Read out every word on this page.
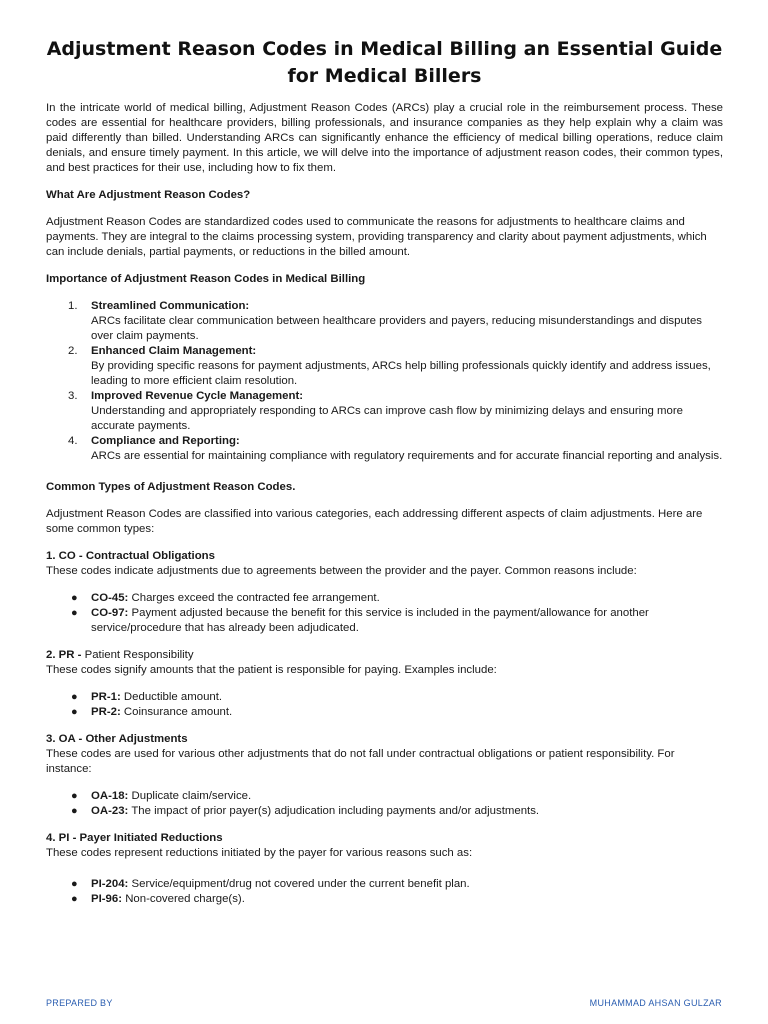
Adjustment Reason Codes in Medical Billing an Essential Guide for Medical Billers

In the intricate world of medical billing, Adjustment Reason Codes (ARCs) play a crucial role in the reimbursement process. These codes are essential for healthcare providers, billing professionals, and insurance companies as they help explain why a claim was paid differently than billed. Understanding ARCs can significantly enhance the efficiency of medical billing operations, reduce claim denials, and ensure timely payment. In this article, we will delve into the importance of adjustment reason codes, their common types, and best practices for their use, including how to fix them.

What Are Adjustment Reason Codes?

Adjustment Reason Codes are standardized codes used to communicate the reasons for adjustments to healthcare claims and payments. They are integral to the claims processing system, providing transparency and clarity about payment adjustments, which can include denials, partial payments, or reductions in the billed amount.

Importance of Adjustment Reason Codes in Medical Billing

1. Streamlined Communication:
ARCs facilitate clear communication between healthcare providers and payers, reducing misunderstandings and disputes over claim payments.
2. Enhanced Claim Management:
By providing specific reasons for payment adjustments, ARCs help billing professionals quickly identify and address issues, leading to more efficient claim resolution.
3. Improved Revenue Cycle Management:
Understanding and appropriately responding to ARCs can improve cash flow by minimizing delays and ensuring more accurate payments.
4. Compliance and Reporting:
ARCs are essential for maintaining compliance with regulatory requirements and for accurate financial reporting and analysis.

Common Types of Adjustment Reason Codes.

Adjustment Reason Codes are classified into various categories, each addressing different aspects of claim adjustments. Here are some common types:

1. CO - Contractual Obligations

These codes indicate adjustments due to agreements between the provider and the payer. Common reasons include:

● CO-45: Charges exceed the contracted fee arrangement.
● CO-97: Payment adjusted because the benefit for this service is included in the payment/allowance for another service/procedure that has already been adjudicated.

2. PR - Patient Responsibility

These codes signify amounts that the patient is responsible for paying. Examples include:

● PR-1: Deductible amount.
● PR-2: Coinsurance amount.

3. OA - Other Adjustments

These codes are used for various other adjustments that do not fall under contractual obligations or patient responsibility. For instance:

● OA-18: Duplicate claim/service.
● OA-23: The impact of prior payer(s) adjudication including payments and/or adjustments.

4. PI - Payer Initiated Reductions

These codes represent reductions initiated by the payer for various reasons such as:

● PI-204: Service/equipment/drug not covered under the current benefit plan.
● PI-96: Non-covered charge(s).
PREPARED BY	MUHAMMAD AHSAN GULZAR
